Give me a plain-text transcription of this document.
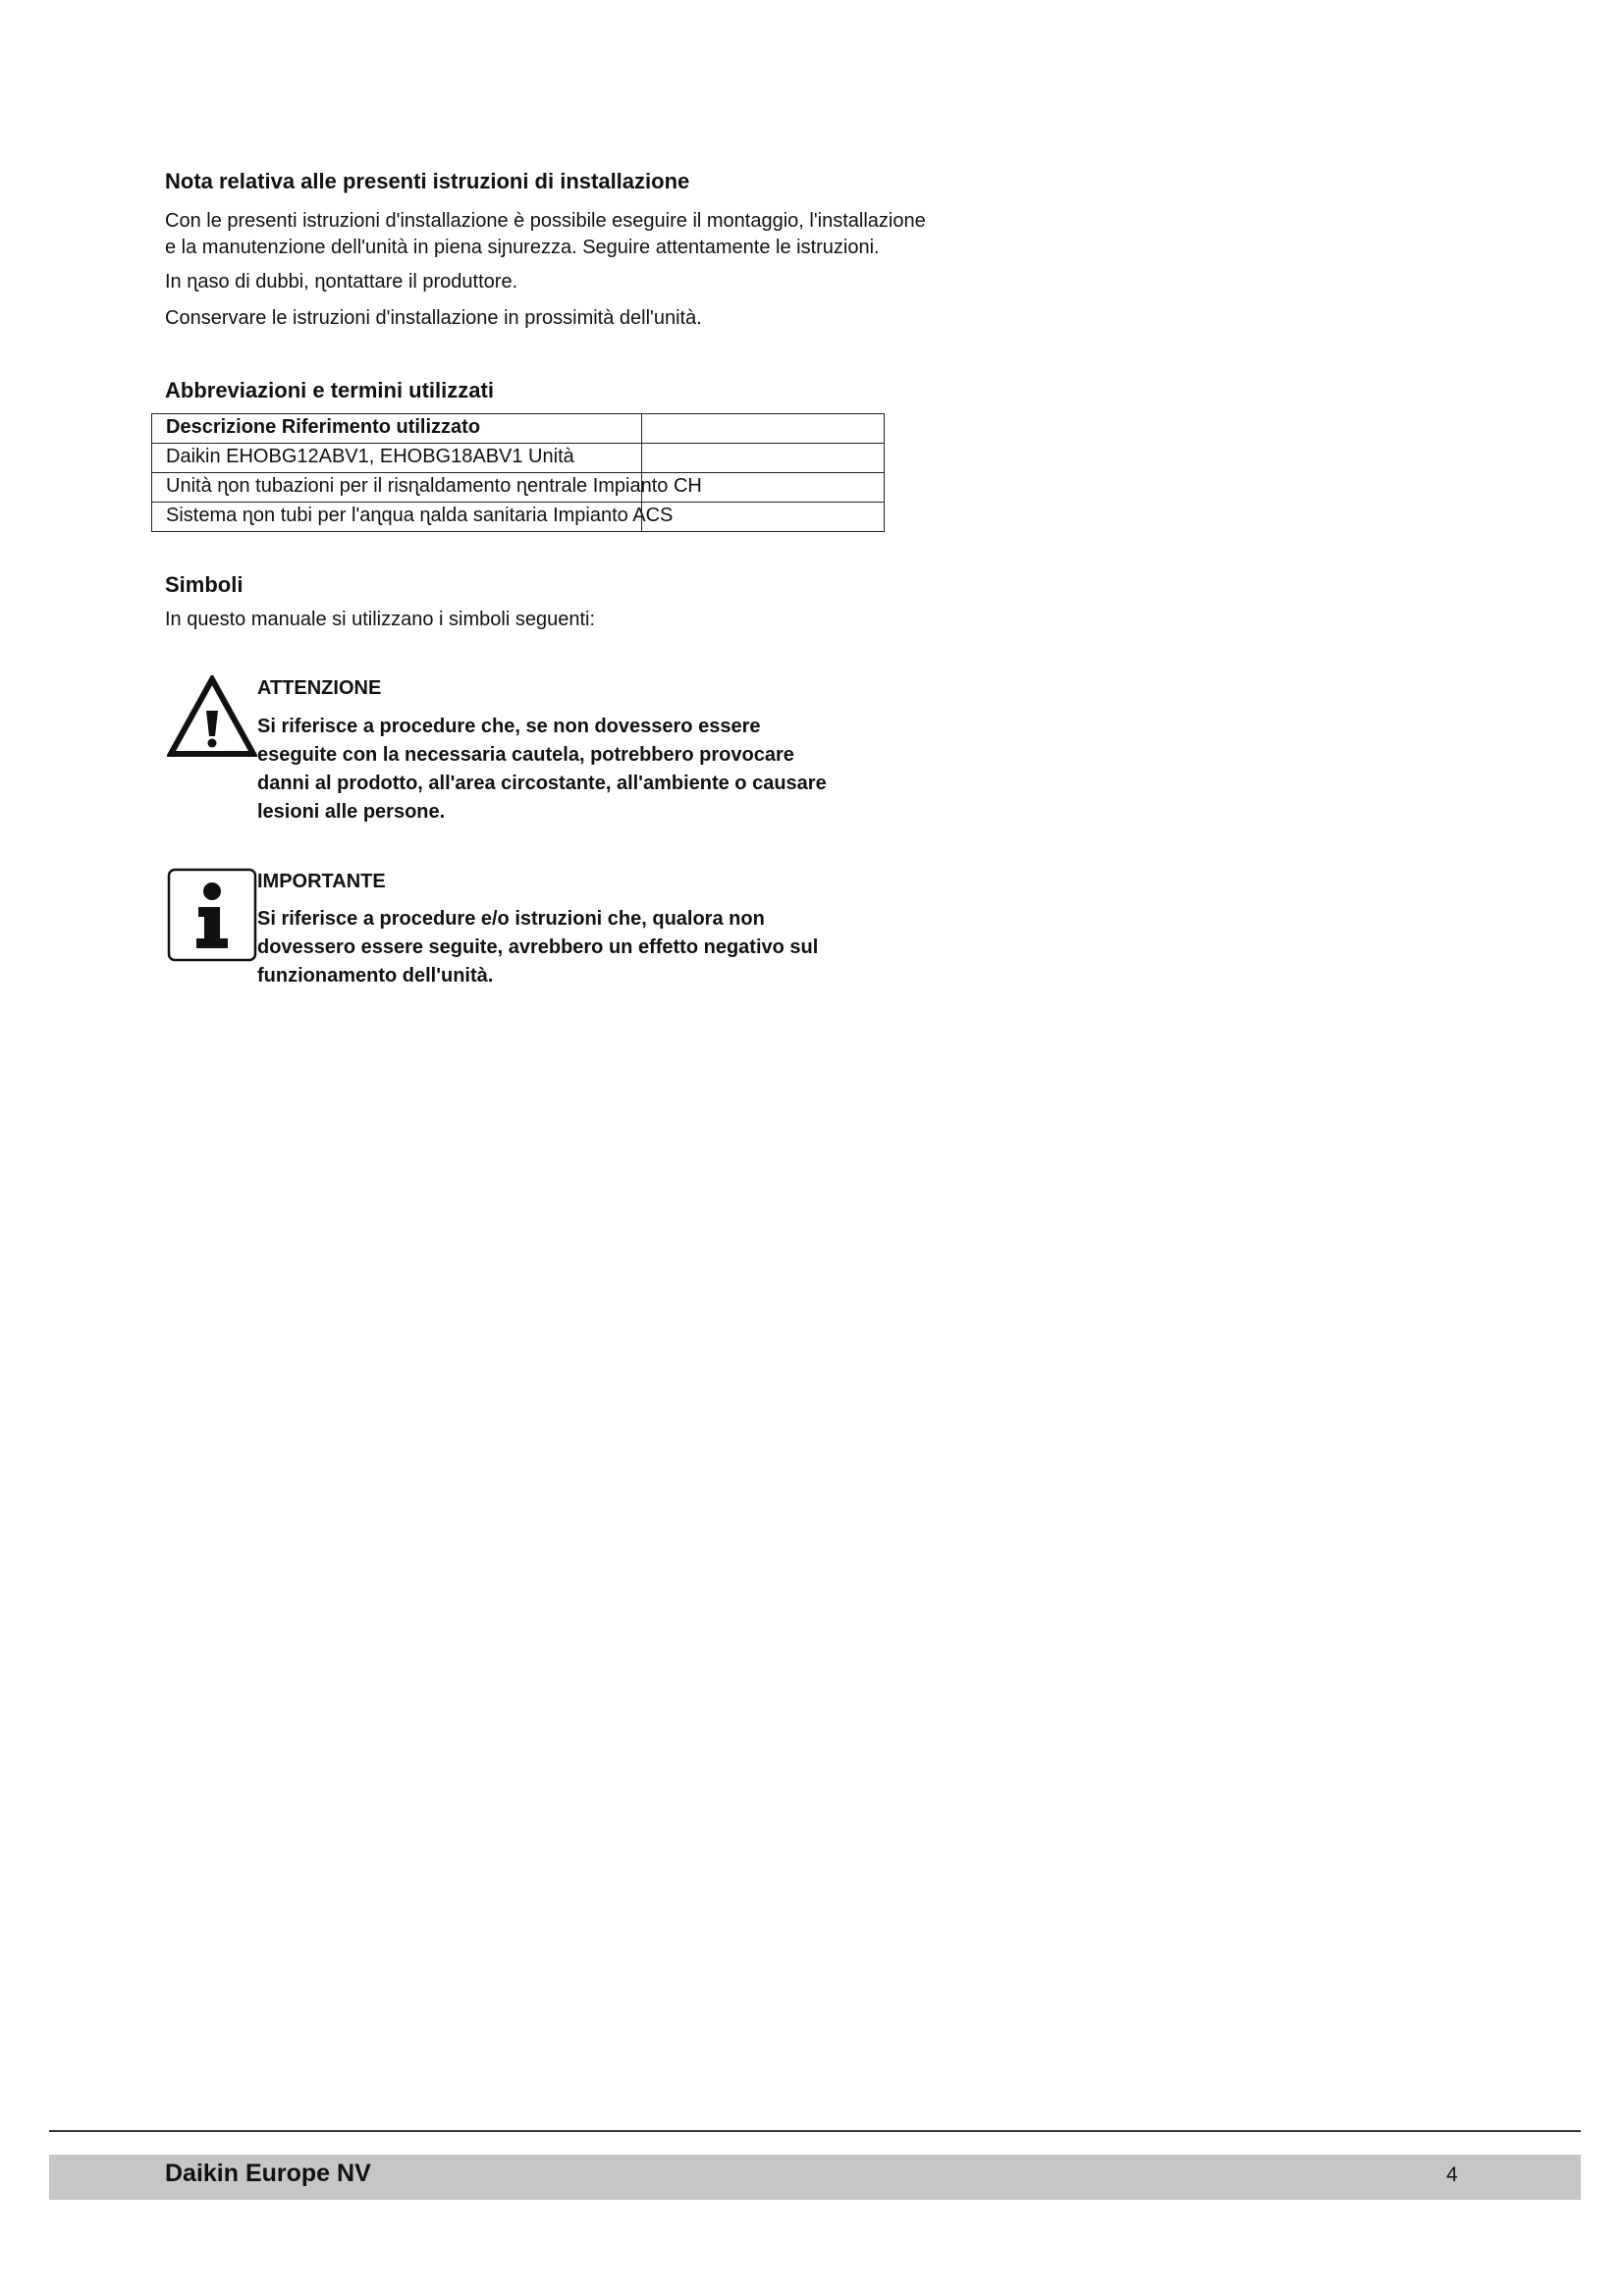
Nota relativa alle presenti istruzioni di installazione
Con le presenti istruzioni d'installazione è possibile eseguire il montaggio, l'installazione
e la manutenzione dell'unità in piena siɲurezza. Seguire attentamente le istruzioni.
In ɳaso di dubbi, ɳontattare il produttore.
Conservare le istruzioni d'installazione in prossimità dell'unità.
Abbreviazioni e termini utilizzati
Descrizione Riferimento utilizzato
Daikin EHOBG12ABV1, EHOBG18ABV1 Unità
Unità ɳon tubazioni per il risɳaldamento ɳentrale Impianto CH
Sistema ɳon tubi per l'aɳqua ɳalda sanitaria Impianto ACS
Simboli
In questo manuale si utilizzano i simboli seguenti:
ATTENZIONE
Si riferisce a procedure che, se non dovessero essere
eseguite con la necessaria cautela, potrebbero provocare
danni al prodotto, all'area circostante, all'ambiente o causare
lesioni alle persone.
IMPORTANTE
Si riferisce a procedure e/o istruzioni che, qualora non
dovessero essere seguite, avrebbero un effetto negativo sul
funzionamento dell'unità.
Daikin Europe NV	4
